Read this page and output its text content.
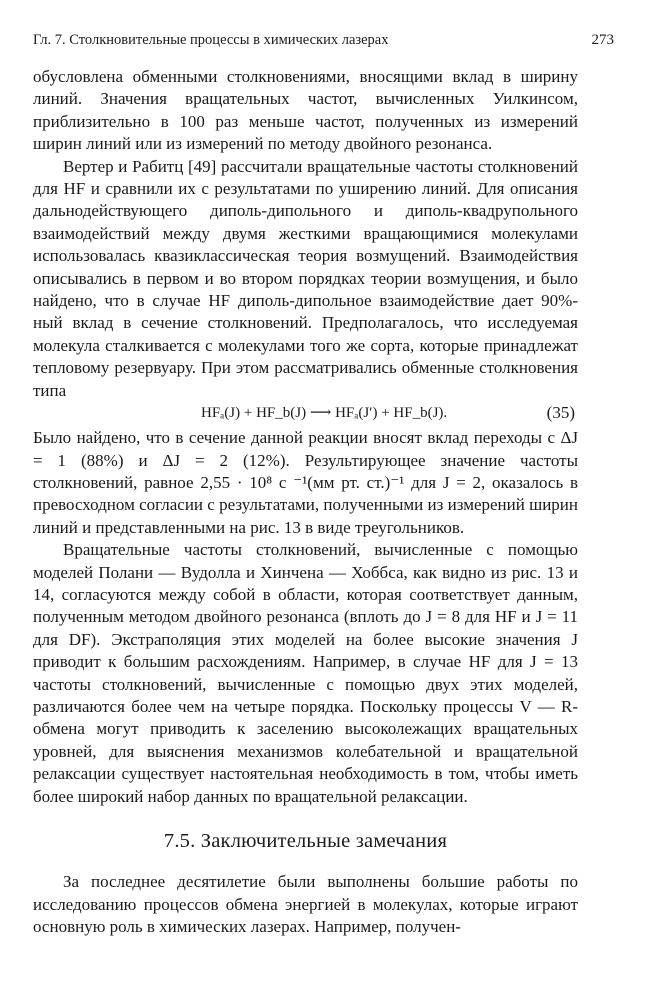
Гл. 7. Столкновительные процессы в химических лазерах	273

обусловлена обменными столкновениями, вносящими вклад в ширину линий. Значения вращательных частот, вычисленных Уилкинсом, приблизительно в 100 раз меньше частот, полученных из измерений ширин линий или из измерений по методу двойного резонанса.

Вертер и Рабитц [49] рассчитали вращательные частоты столкновений для HF и сравнили их с результатами по уширению линий. Для описания дальнодействующего диполь-дипольного и диполь-квадрупольного взаимодействий между двумя жесткими вращающимися молекулами использовалась квазиклассическая теория возмущений. Взаимодействия описывались в первом и во втором порядках теории возмущения, и было найдено, что в случае HF диполь-дипольное взаимодействие дает 90%-ный вклад в сечение столкновений. Предполагалось, что исследуемая молекула сталкивается с молекулами того же сорта, которые принадлежат тепловому резервуару. При этом рассматривались обменные столкновения типа

HFₐ(J) + HF_b(J) ⟶ HFₐ(J′) + HF_b(J).	(35)

Было найдено, что в сечение данной реакции вносят вклад переходы с ΔJ = 1 (88%) и ΔJ = 2 (12%). Результирующее значение частоты столкновений, равное 2,55 · 10⁸ с ⁻¹(мм рт. ст.)⁻¹ для J = 2, оказалось в превосходном согласии с результатами, полученными из измерений ширин линий и представленными на рис. 13 в виде треугольников.

Вращательные частоты столкновений, вычисленные с помощью моделей Полани — Вудолла и Хинчена — Хоббса, как видно из рис. 13 и 14, согласуются между собой в области, которая соответствует данным, полученным методом двойного резонанса (вплоть до J = 8 для HF и J = 11 для DF). Экстраполяция этих моделей на более высокие значения J приводит к большим расхождениям. Например, в случае HF для J = 13 частоты столкновений, вычисленные с помощью двух этих моделей, различаются более чем на четыре порядка. Поскольку процессы V — R-обмена могут приводить к заселению высоколежащих вращательных уровней, для выяснения механизмов колебательной и вращательной релаксации существует настоятельная необходимость в том, чтобы иметь более широкий набор данных по вращательной релаксации.

7.5. Заключительные замечания

За последнее десятилетие были выполнены большие работы по исследованию процессов обмена энергией в молекулах, которые играют основную роль в химических лазерах. Например, получен-
